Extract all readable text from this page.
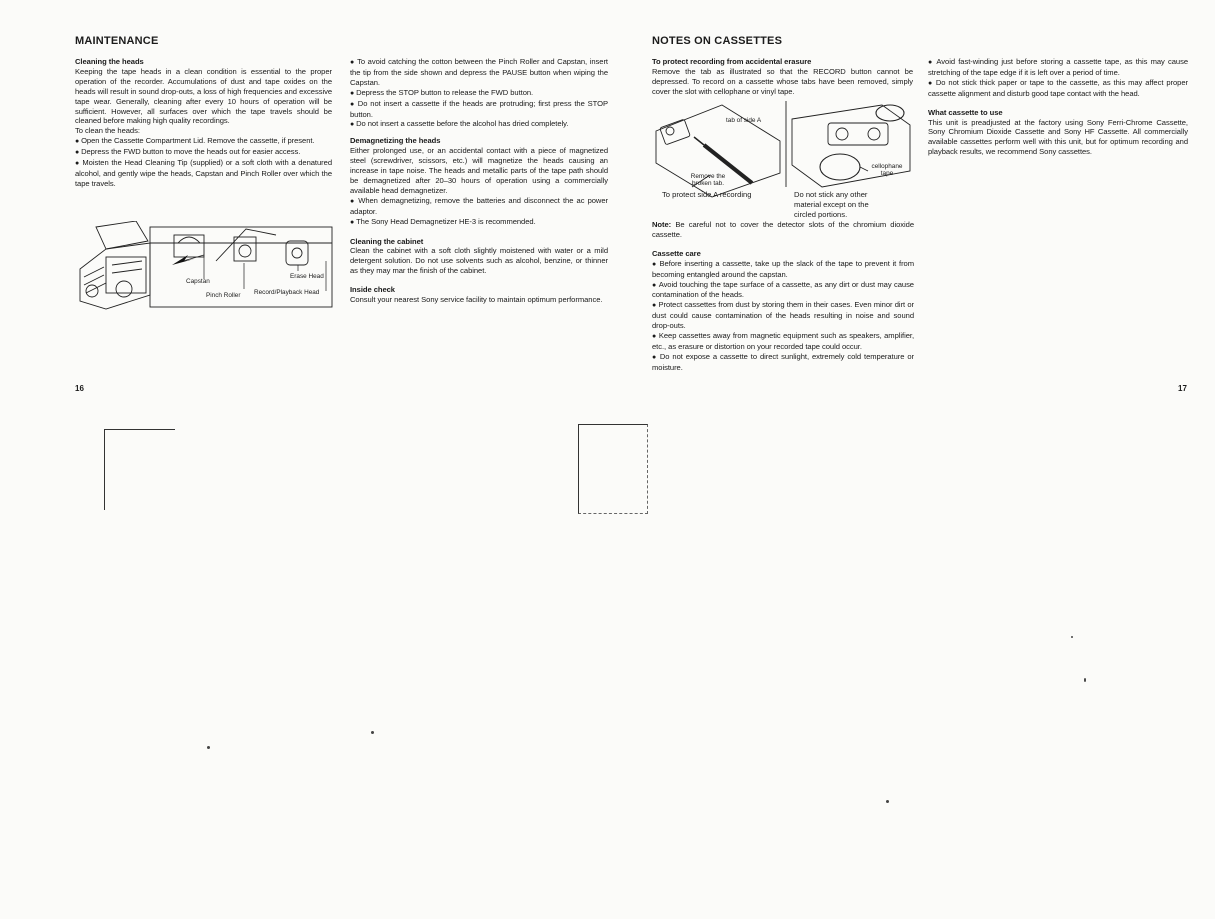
MAINTENANCE
Cleaning the heads

Keeping the tape heads in a clean condition is essential to the proper operation of the recorder. Accumulations of dust and tape oxides on the heads will result in sound drop-outs, a loss of high frequencies and excessive tape wear. Generally, cleaning after every 10 hours of operation will be sufficient. However, all surfaces over which the tape travels should be cleaned before making high quality recordings.

To clean the heads:
● Open the Cassette Compartment Lid. Remove the cassette, if present.
● Depress the FWD button to move the heads out for easier access.
● Moisten the Head Cleaning Tip (supplied) or a soft cloth with a denatured alcohol, and gently wipe the heads, Capstan and Pinch Roller over which the tape travels.
Capstan
Erase Head
Pinch Roller Record/Playback Head
● To avoid catching the cotton between the Pinch Roller and Capstan, insert the tip from the side shown and depress the PAUSE button when wiping the Capstan.
● Depress the STOP button to release the FWD button.
● Do not insert a cassette if the heads are protruding; first press the STOP button.
● Do not insert a cassette before the alcohol has dried completely.
Demagnetizing the heads
Either prolonged use, or an accidental contact with a piece of magnetized steel (screwdriver, scissors, etc.) will magnetize the heads causing an increase in tape noise. The heads and metallic parts of the tape path should be demagnetized after 20–30 hours of operation using a commercially available head demagnetizer.
● When demagnetizing, remove the batteries and disconnect the ac power adaptor.
● The Sony Head Demagnetizer HE-3 is recommended.
Cleaning the cabinet
Clean the cabinet with a soft cloth slightly moistened with water or a mild detergent solution. Do not use solvents such as alcohol, benzine, or thinner as they may mar the finish of the cabinet.
Inside check
Consult your nearest Sony service facility to maintain optimum performance.
16
NOTES ON CASSETTES
To protect recording from accidental erasure
Remove the tab as illustrated so that the RECORD button cannot be depressed. To record on a cassette whose tabs have been removed, simply cover the slot with cellophane or vinyl tape.
tab of side A
Remove the broken tab.
cellophane tape
To protect side A recording	Do not stick any other material except on the circled portions.
Note: Be careful not to cover the detector slots of the chromium dioxide cassette.
Cassette care
● Before inserting a cassette, take up the slack of the tape to prevent it from becoming entangled around the capstan.
● Avoid touching the tape surface of a cassette, as any dirt or dust may cause contamination of the heads.
● Protect cassettes from dust by storing them in their cases. Even minor dirt or dust could cause contamination of the heads resulting in noise and sound drop-outs.
● Keep cassettes away from magnetic equipment such as speakers, amplifier, etc., as erasure or distortion on your recorded tape could occur.
● Do not expose a cassette to direct sunlight, extremely cold temperature or moisture.
● Avoid fast-winding just before storing a cassette tape, as this may cause stretching of the tape edge if it is left over a period of time.
● Do not stick thick paper or tape to the cassette, as this may affect proper cassette alignment and disturb good tape contact with the head.
What cassette to use
This unit is preadjusted at the factory using Sony Ferri-Chrome Cassette, Sony Chromium Dioxide Cassette and Sony HF Cassette. All commercially available cassettes perform well with this unit, but for optimum recording and playback results, we recommend Sony cassettes.
17
